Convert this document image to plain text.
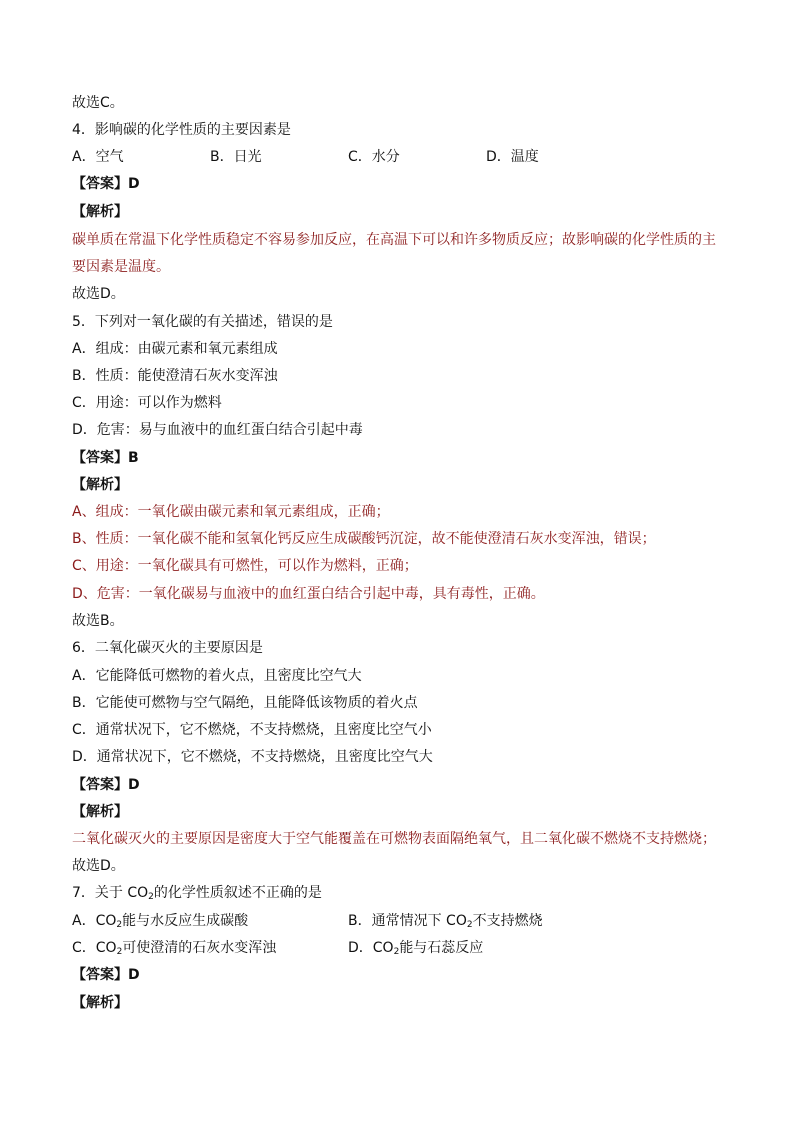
故选C。
4．影响碳的化学性质的主要因素是
A．空气	B．日光	C．水分	D．温度
【答案】D
【解析】
碳单质在常温下化学性质稳定不容易参加反应，在高温下可以和许多物质反应；故影响碳的化学性质的主
要因素是温度。
故选D。
5．下列对一氧化碳的有关描述，错误的是
A．组成：由碳元素和氧元素组成
B．性质：能使澄清石灰水变浑浊
C．用途：可以作为燃料
D．危害：易与血液中的血红蛋白结合引起中毒
【答案】B
【解析】
A、组成：一氧化碳由碳元素和氧元素组成，正确；
B、性质：一氧化碳不能和氢氧化钙反应生成碳酸钙沉淀，故不能使澄清石灰水变浑浊，错误；
C、用途：一氧化碳具有可燃性，可以作为燃料，正确；
D、危害：一氧化碳易与血液中的血红蛋白结合引起中毒，具有毒性，正确。
故选B。
6．二氧化碳灭火的主要原因是
A．它能降低可燃物的着火点，且密度比空气大
B．它能使可燃物与空气隔绝，且能降低该物质的着火点
C．通常状况下，它不燃烧，不支持燃烧，且密度比空气小
D．通常状况下，它不燃烧，不支持燃烧，且密度比空气大
【答案】D
【解析】
二氧化碳灭火的主要原因是密度大于空气能覆盖在可燃物表面隔绝氧气，且二氧化碳不燃烧不支持燃烧；
故选D。
7．关于 $CO_2$的化学性质叙述不正确的是
A．$CO_2$能与水反应生成碳酸	B．通常情况下 $CO_2$不支持燃烧
C．$CO_2$可使澄清的石灰水变浑浊	D．$CO_2$能与石蕊反应
【答案】D
【解析】
